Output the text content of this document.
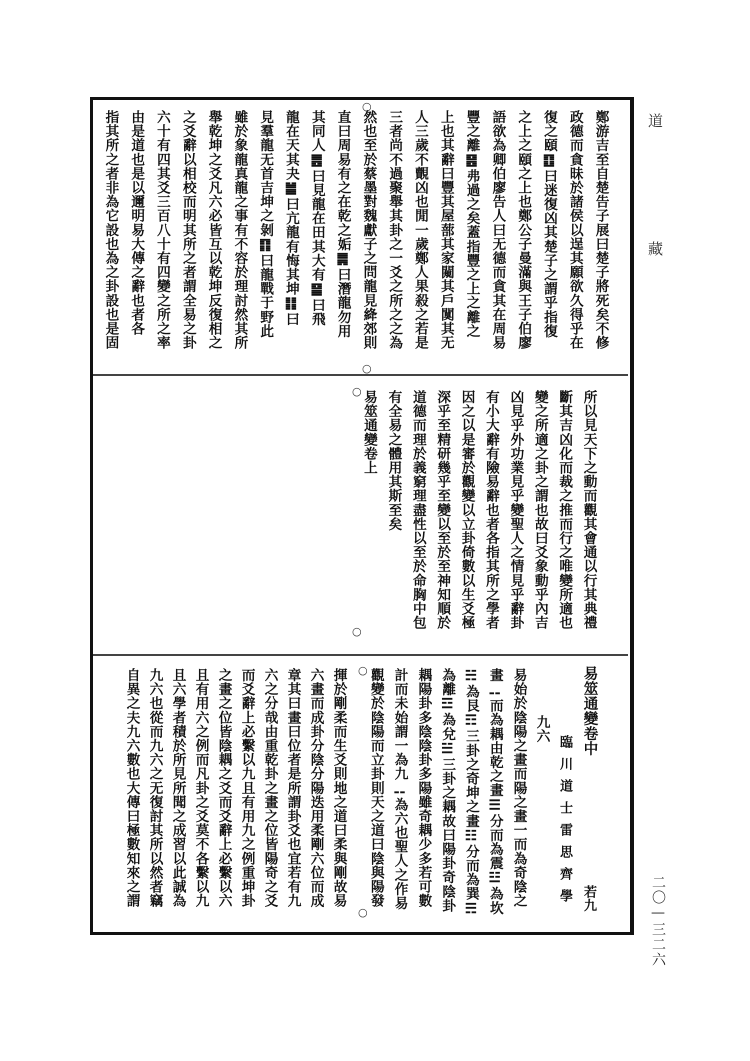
道
藏
二〇—三二六
鄭游吉至自楚告子展曰楚子將死矣不修
政德而貪昧於諸侯以逞其願欲久得乎在
復之頤䷚曰迷復凶其楚子之謂乎指復
之上之頤之上也鄭公子曼滿與王子伯廖
語欲為卿伯廖告人曰无德而貪其在周易
豐之離䷝弗過之矣蓋指豐之上之離之
上也其辭曰豐其屋蔀其家闚其戶闃其无
人三歲不覿凶也閒一歲鄭人果殺之若是
三者尚不過聚舉其卦之一爻之所之之為
然也至於蔡墨對魏獻子之問龍見絳郊則
直曰周易有之在乾之姤䷫曰潛龍勿用
其同人䷌曰見龍在田其大有䷍曰飛
龍在天其夬䷪曰亢龍有悔其坤䷁曰
見羣龍无首吉坤之剝䷖曰龍戰于野此
雖於象龍真龍之事有不容於理討然其所
舉乾坤之爻凡六必皆互以乾坤反復相之
之爻辭以相校而明其所之者謂全易之卦
六十有四其爻三百八十有四變之所之率
由是道也是以邇明易大傳之辭也者各
指其所之者非為它設也為之卦設也是固
所以見天下之動而觀其會通以行其典禮
斷其吉凶化而裁之推而行之唯變所適也
變之所適之卦之謂也故曰爻象動乎內吉
凶見乎外功業見乎變聖人之情見乎辭卦
有小大辭有險易辭也者各指其所之學者
因之以是審於觀變以立卦倚數以生爻極
深乎至精研幾乎至變以至於至神知順於
道德而理於義窮理盡性以至於命胸中包
有全易之體用其斯至矣
易筮通變卷上
易筮通變卷中
若九
臨川道士雷思齊學
九六
易始於陰陽之畫而陽之畫一而為奇陰之
畫⚋而為耦由乾之畫☰分而為震☳為坎
☵為艮☶三卦之奇坤之畫☷分而為巽☴
為離☲為兌☱三卦之耦故曰陽卦奇陰卦
耦陽卦多陰陰卦多陽雖奇耦少多若可數
計而未始謂一為九⚋為六也聖人之作易
觀變於陰陽而立卦則天之道曰陰與陽發
揮於剛柔而生爻則地之道曰柔與剛故易
六畫而成卦分陰分陽迭用柔剛六位而成
章其曰畫曰位者是所謂卦爻也宜若有九
六之分哉由重乾卦之畫之位皆陽奇之爻
而爻辭上必繫以九且有用九之例重坤卦
之畫之位皆陰耦之爻而爻辭上必繫以六
且有用六之例而凡卦之爻莫不各繫以九
且六學者積於所見所聞之成習以此誠為
九六也從而九六之无復討其所以然者竊
自異之夫九六數也大傳曰極數知來之謂
○
○
○
○
○
○
